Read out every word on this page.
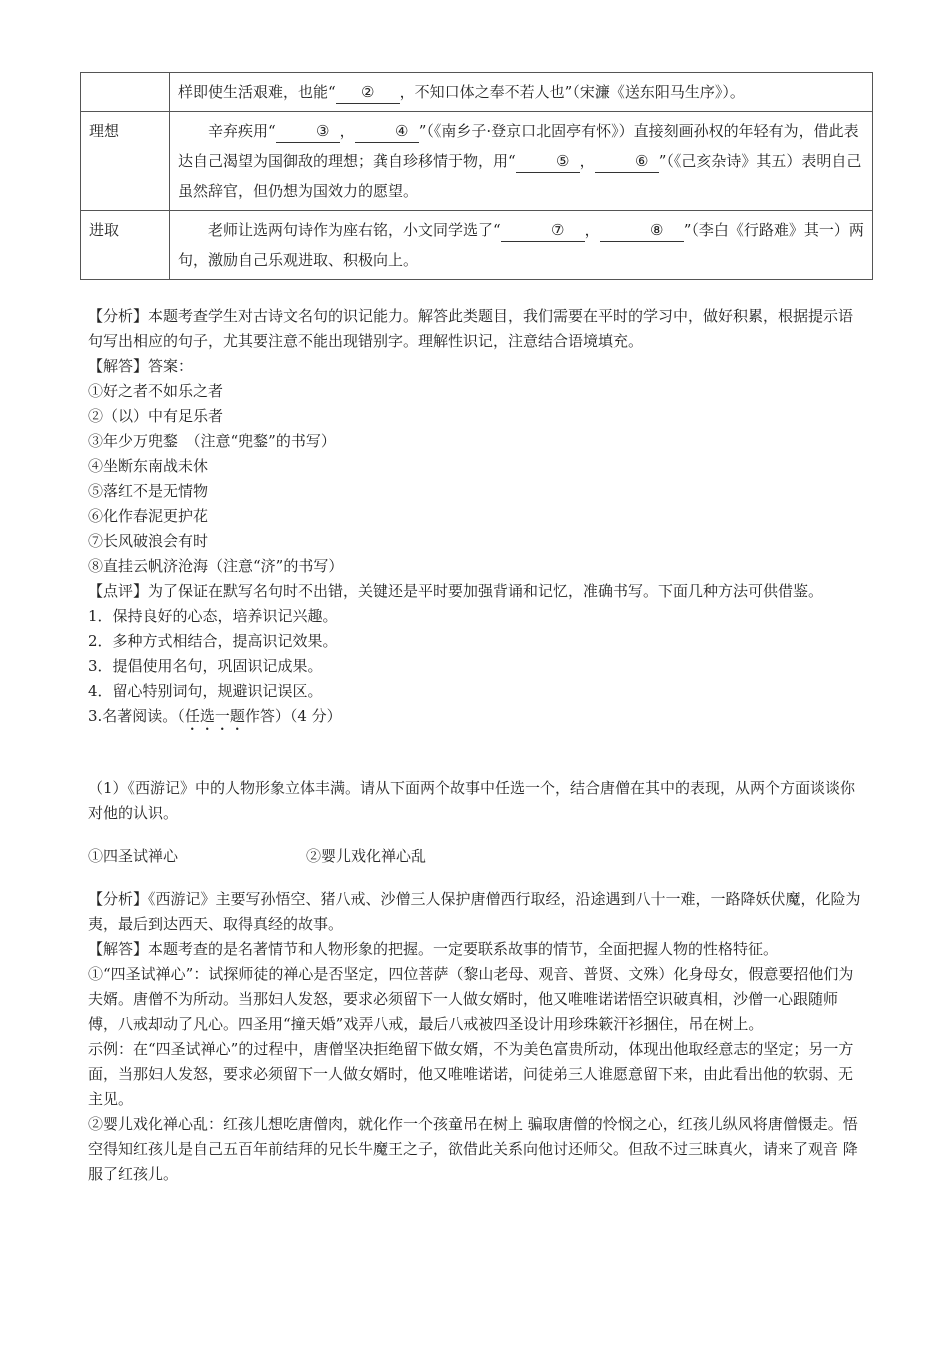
	样即使生活艰难，也能“ ② ，不知口体之奉不若人也”（宋濂《送东阳马生序》）。
理想	辛弃疾用“ ③ ， ④ ”（《南乡子·登京口北固亭有怀》）直接刻画孙权的年轻有为，借此表达自己渴望为国御敌的理想；龚自珍移情于物，用“ ⑤ ， ⑥ ”（《己亥杂诗》其五）表明自己虽然辞官，但仍想为国效力的愿望。
进取	老师让选两句诗作为座右铭，小文同学选了“ ⑦ ， ⑧ ”（李白《行路难》其一）两句，激励自己乐观进取、积极向上。

【分析】本题考查学生对古诗文名句的识记能力。解答此类题目，我们需要在平时的学习中，做好积累，根据提示语句写出相应的句子，尤其要注意不能出现错别字。理解性识记，注意结合语境填充。

【解答】答案：

①好之者不如乐之者

②（以）中有足乐者

③年少万兜鍪　（注意“兜鍪”的书写）

④坐断东南战未休

⑤落红不是无情物

⑥化作春泥更护花

⑦长风破浪会有时

⑧直挂云帆济沧海（注意“济”的书写）

【点评】为了保证在默写名句时不出错，关键还是平时要加强背诵和记忆，准确书写。下面几种方法可供借鉴。

1．保持良好的心态，培养识记兴趣。

2．多种方式相结合，提高识记效果。

3．提倡使用名句，巩固识记成果。

4．留心特别词句，规避识记误区。

3.名著阅读。（任选一题作答）（4 分）

（1）《西游记》中的人物形象立体丰满。请从下面两个故事中任选一个，结合唐僧在其中的表现，从两个方面谈谈你对他的认识。

①四圣试禅心	②婴儿戏化禅心乱

【分析】《西游记》主要写孙悟空、猪八戒、沙僧三人保护唐僧西行取经，沿途遇到八十一难，一路降妖伏魔，化险为夷，最后到达西天、取得真经的故事。

【解答】本题考查的是名著情节和人物形象的把握。一定要联系故事的情节，全面把握人物的性格特征。

①“四圣试禅心”：试探师徒的禅心是否坚定，四位菩萨（黎山老母、观音、普贤、文殊）化身母女，假意要招他们为夫婿。唐僧不为所动。当那妇人发怒，要求必须留下一人做女婿时，他又唯唯诺诺悟空识破真相，沙僧一心跟随师傅，八戒却动了凡心。四圣用“撞天婚”戏弄八戒，最后八戒被四圣设计用珍珠簌汗衫捆住，吊在树上。

示例：在“四圣试禅心”的过程中，唐僧坚决拒绝留下做女婿，不为美色富贵所动，体现出他取经意志的坚定；另一方面，当那妇人发怒，要求必须留下一人做女婿时，他又唯唯诺诺，问徒弟三人谁愿意留下来，由此看出他的软弱、无主见。

②婴儿戏化禅心乱：红孩儿想吃唐僧肉，就化作一个孩童吊在树上 骗取唐僧的怜悯之心，红孩儿纵风将唐僧慑走。悟空得知红孩儿是自己五百年前结拜的兄长牛魔王之子，欲借此关系向他讨还师父。但敌不过三昧真火，请来了观音 降服了红孩儿。
